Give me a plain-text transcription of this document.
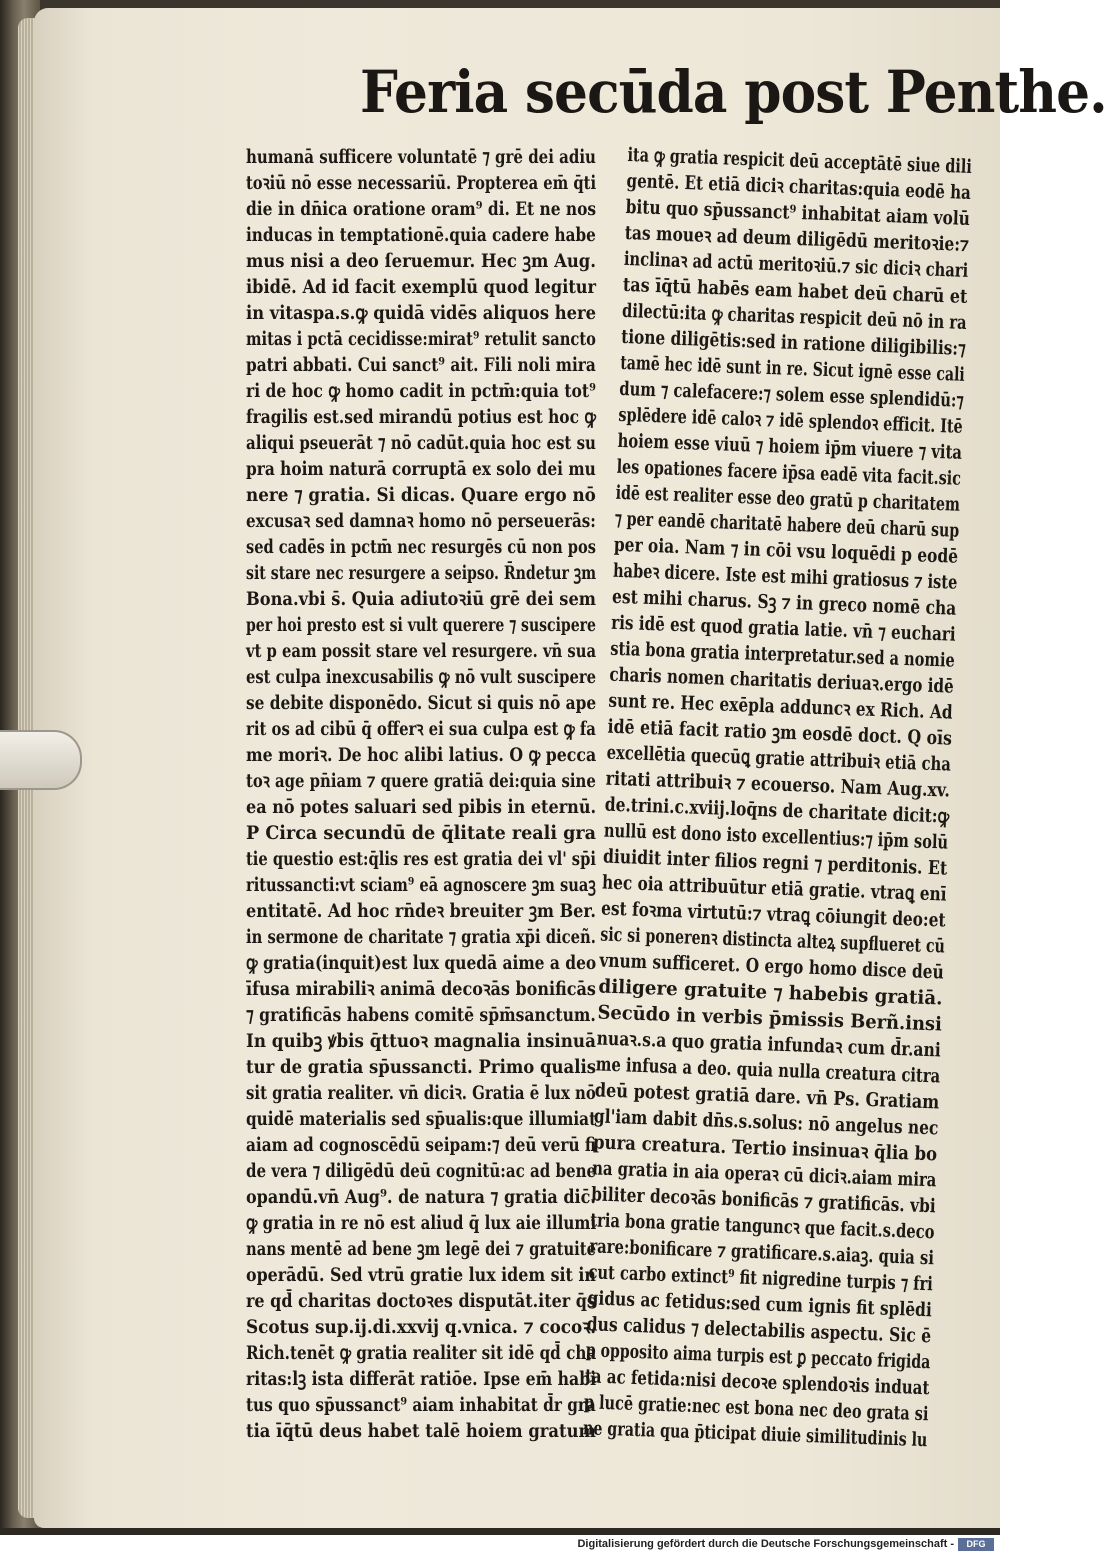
Feria secūda post Penthe.
humanā sufficere voluntatē ⁊ grē dei adiu
toꝛiū nō esse necessariū. Propterea em̄ q̄ti
die in dn̄ica oratione oram⁹ di. Et ne nos
inducas in temptationē.quia cadere habe
mus nisi a deo ſeruemur. Hec ꝫm Aug.
ibidē. Ad id facit exemplū quod legitur
in vitaspa.s.ꝙ quidā vidēs aliquos here
mitas i pctā cecidisse:mirat⁹ retulit sancto
patri abbati. Cui sanct⁹ ait. Fili noli mira
ri de hoc ꝙ homo cadit in pctm̄:quia tot⁹
fragilis est.sed mirandū potius est hoc ꝙ
aliqui pseuerāt ⁊ nō cadūt.quia hoc est su
pra hoim naturā corruptā ex solo dei mu
nere ⁊ gratia. Si dicas. Quare ergo nō
excusaꝛ sed damnaꝛ homo nō perseuerās:
sed cadēs in pctm̄ nec resurgēs cū non pos
sit stare nec resurgere a seipso. R̄ndetur ꝫm
Bona.vbi s̄. Quia adiutoꝛiū grē dei sem
per hoi presto est si vult querere ⁊ suscipere
vt p eam possit stare vel resurgere. vn̄ sua
est culpa inexcusabilis ꝙ nō vult suscipere
se debite disponēdo. Sicut si quis nō ape
rit os ad cibū q̄ offerꝛ ei sua culpa est ꝙ fa
me moriꝛ. De hoc alibi latius. O ꝙ pecca
toꝛ age pn̄iam ⁊ quere gratiā dei:quia sine
ea nō potes saluari sed pibis in eternū.
P Circa secundū de q̄litate reali gra
tie questio est:q̄lis res est gratia dei vl' sp̄i
ritussancti:vt sciam⁹ eā agnoscere ꝫm suaꝫ
entitatē. Ad hoc rn̄deꝛ breuiter ꝫm Ber.
in sermone de charitate ⁊ gratia xp̄i diceñ.
ꝙ gratia(inquit)est lux quedā aime a deo
īfusa mirabiliꝛ animā decoꝛās bonificās
⁊ gratificās habens comitē sp̄m̄sanctum.
In quibꝫ ꝟbis q̄ttuoꝛ magnalia insinuā
tur de gratia sp̄ussancti. Primo qualis
sit gratia realiter. vn̄ diciꝛ. Gratia ē lux nō
quidē materialis sed sp̄ualis:que illumiat
aiam ad cognoscēdū seipam:⁊ deū verū fi
de vera ⁊ diligēdū deū cognitū:ac ad bene
opandū.vn̄ Aug⁹. de natura ⁊ gratia dic̄.
ꝙ gratia in re nō est aliud q̄ lux aie illumi
nans mentē ad bene ꝫm legē dei ⁊ gratuite
operādū. Sed vtrū gratie lux idem sit in
re qd̄ charitas doctoꝛes disputāt.iter q̄s
Scotus sup.ij.di.xxvij q.vnica. ⁊ cocoꝛ.
Rich.tenēt ꝙ gratia realiter sit idē qd̄ cha
ritas:lꝫ ista differāt ratiōe. Ipse em̄ habi
tus quo sp̄ussanct⁹ aiam inhabitat d̄r gra
tia īq̄tū deus habet talē hoiem gratum
ita ꝙ gratia respicit deū acceptātē siue dili
gentē. Et etiā diciꝛ charitas:quia eodē ha
bitu quo sp̄ussanct⁹ inhabitat aiam volū
tas moueꝛ ad deum diligēdū meritoꝛie:⁊
inclinaꝛ ad actū meritoꝛiū.⁊ sic diciꝛ chari
tas īq̄tū habēs eam habet deū charū et
dilectū:ita ꝙ charitas respicit deū nō in ra
tione diligētis:sed in ratione diligibilis:⁊
tamē hec idē sunt in re. Sicut ignē esse cali
dum ⁊ calefacere:⁊ solem esse splendidū:⁊
splēdere idē caloꝛ ⁊ idē splendoꝛ efficit. Itē
hoiem esse viuū ⁊ hoiem ip̄m viuere ⁊ vita
les opationes facere ip̄sa eadē vita facit.sic
idē est realiter esse deo gratū p charitatem
⁊ per eandē charitatē habere deū charū sup
per oia. Nam ⁊ in cōi vsu loquēdi p eodē
habeꝛ dicere. Iste est mihi gratiosus ⁊ iste
est mihi charus. Sꝫ ⁊ in greco nomē cha
ris idē est quod gratia latie. vn̄ ⁊ euchari
stia bona gratia interpretatur.sed a nomie
charis nomen charitatis deriuaꝛ.ergo idē
sunt re. Hec exēpla adduncꝛ ex Rich. Ad
idē etiā facit ratio ꝫm eosdē doct. Q oīs
excellētia quecūꝗ gratie attribuiꝛ etiā cha
ritati attribuiꝛ ⁊ ecouerso. Nam Aug.xv.
de.trini.c.xviij.loq̄ns de charitate dicit:ꝙ
nullū est dono isto excellentius:⁊ ip̄m solū
diuidit inter filios regni ⁊ perditonis. Et
hec oia attribuūtur etiā gratie. vtraꝗ enī
est foꝛma virtutū:⁊ vtraꝗ cōiungit deo:et
sic si ponerenꝛ distincta alteꝝ supflueret cū
vnum sufficeret. O ergo homo disce deū
diligere gratuite ⁊ habebis gratiā.
Secūdo in verbis p̄missis Berñ.insi
nuaꝛ.s.a quo gratia infundaꝛ cum d̄r.ani
me infusa a deo. quia nulla creatura citra
deū potest gratiā dare. vn̄ Ps. Gratiam
gl'iam dabit dn̄s.s.solus: nō angelus nec
pura creatura. Tertio insinuaꝛ q̄lia bo
na gratia in aia operaꝛ cū diciꝛ.aiam mira
biliter decoꝛās bonificās ⁊ gratificās. vbi
tria bona gratie tanguncꝛ que facit.s.deco
rare:bonificare ⁊ gratificare.s.aiaꝫ. quia si
cut carbo extinct⁹ fit nigredine turpis ⁊ fri
gidus ac fetidus:sed cum ignis fit splēdi
dus calidus ⁊ delectabilis aspectu. Sic ē
p opposito aima turpis est ꝑ peccato frigida
ta ac fetida:nisi decoꝛe splendoꝛis induat
p lucē gratie:nec est bona nec deo grata si
ne gratia qua p̄ticipat diuie similitudinis lu
Digitalisierung gefördert durch die Deutsche Forschungsgemeinschaft -	DFG
